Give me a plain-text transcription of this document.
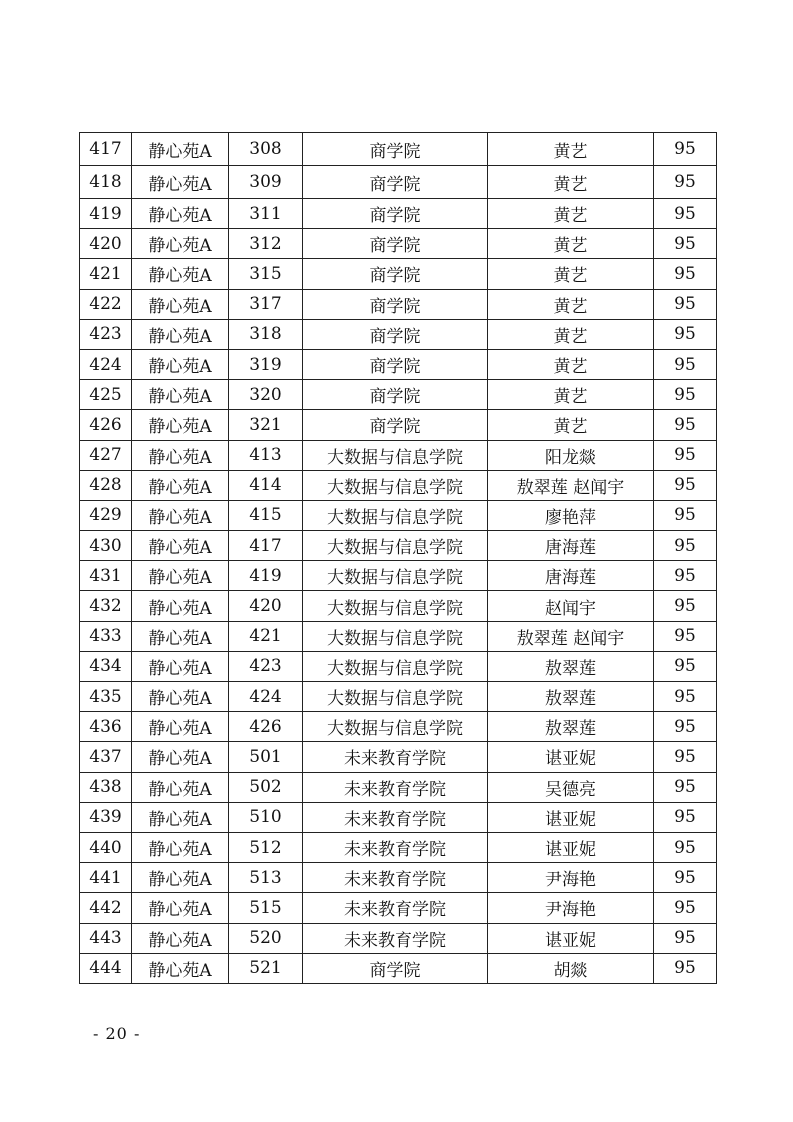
417	静心苑A	308	商学院	黄艺	95
418	静心苑A	309	商学院	黄艺	95
419	静心苑A	311	商学院	黄艺	95
420	静心苑A	312	商学院	黄艺	95
421	静心苑A	315	商学院	黄艺	95
422	静心苑A	317	商学院	黄艺	95
423	静心苑A	318	商学院	黄艺	95
424	静心苑A	319	商学院	黄艺	95
425	静心苑A	320	商学院	黄艺	95
426	静心苑A	321	商学院	黄艺	95
427	静心苑A	413	大数据与信息学院	阳龙燚	95
428	静心苑A	414	大数据与信息学院	敖翠莲 赵闻宇	95
429	静心苑A	415	大数据与信息学院	廖艳萍	95
430	静心苑A	417	大数据与信息学院	唐海莲	95
431	静心苑A	419	大数据与信息学院	唐海莲	95
432	静心苑A	420	大数据与信息学院	赵闻宇	95
433	静心苑A	421	大数据与信息学院	敖翠莲 赵闻宇	95
434	静心苑A	423	大数据与信息学院	敖翠莲	95
435	静心苑A	424	大数据与信息学院	敖翠莲	95
436	静心苑A	426	大数据与信息学院	敖翠莲	95
437	静心苑A	501	未来教育学院	谌亚妮	95
438	静心苑A	502	未来教育学院	吴德亮	95
439	静心苑A	510	未来教育学院	谌亚妮	95
440	静心苑A	512	未来教育学院	谌亚妮	95
441	静心苑A	513	未来教育学院	尹海艳	95
442	静心苑A	515	未来教育学院	尹海艳	95
443	静心苑A	520	未来教育学院	谌亚妮	95
444	静心苑A	521	商学院	胡燚	95
- 20 -
